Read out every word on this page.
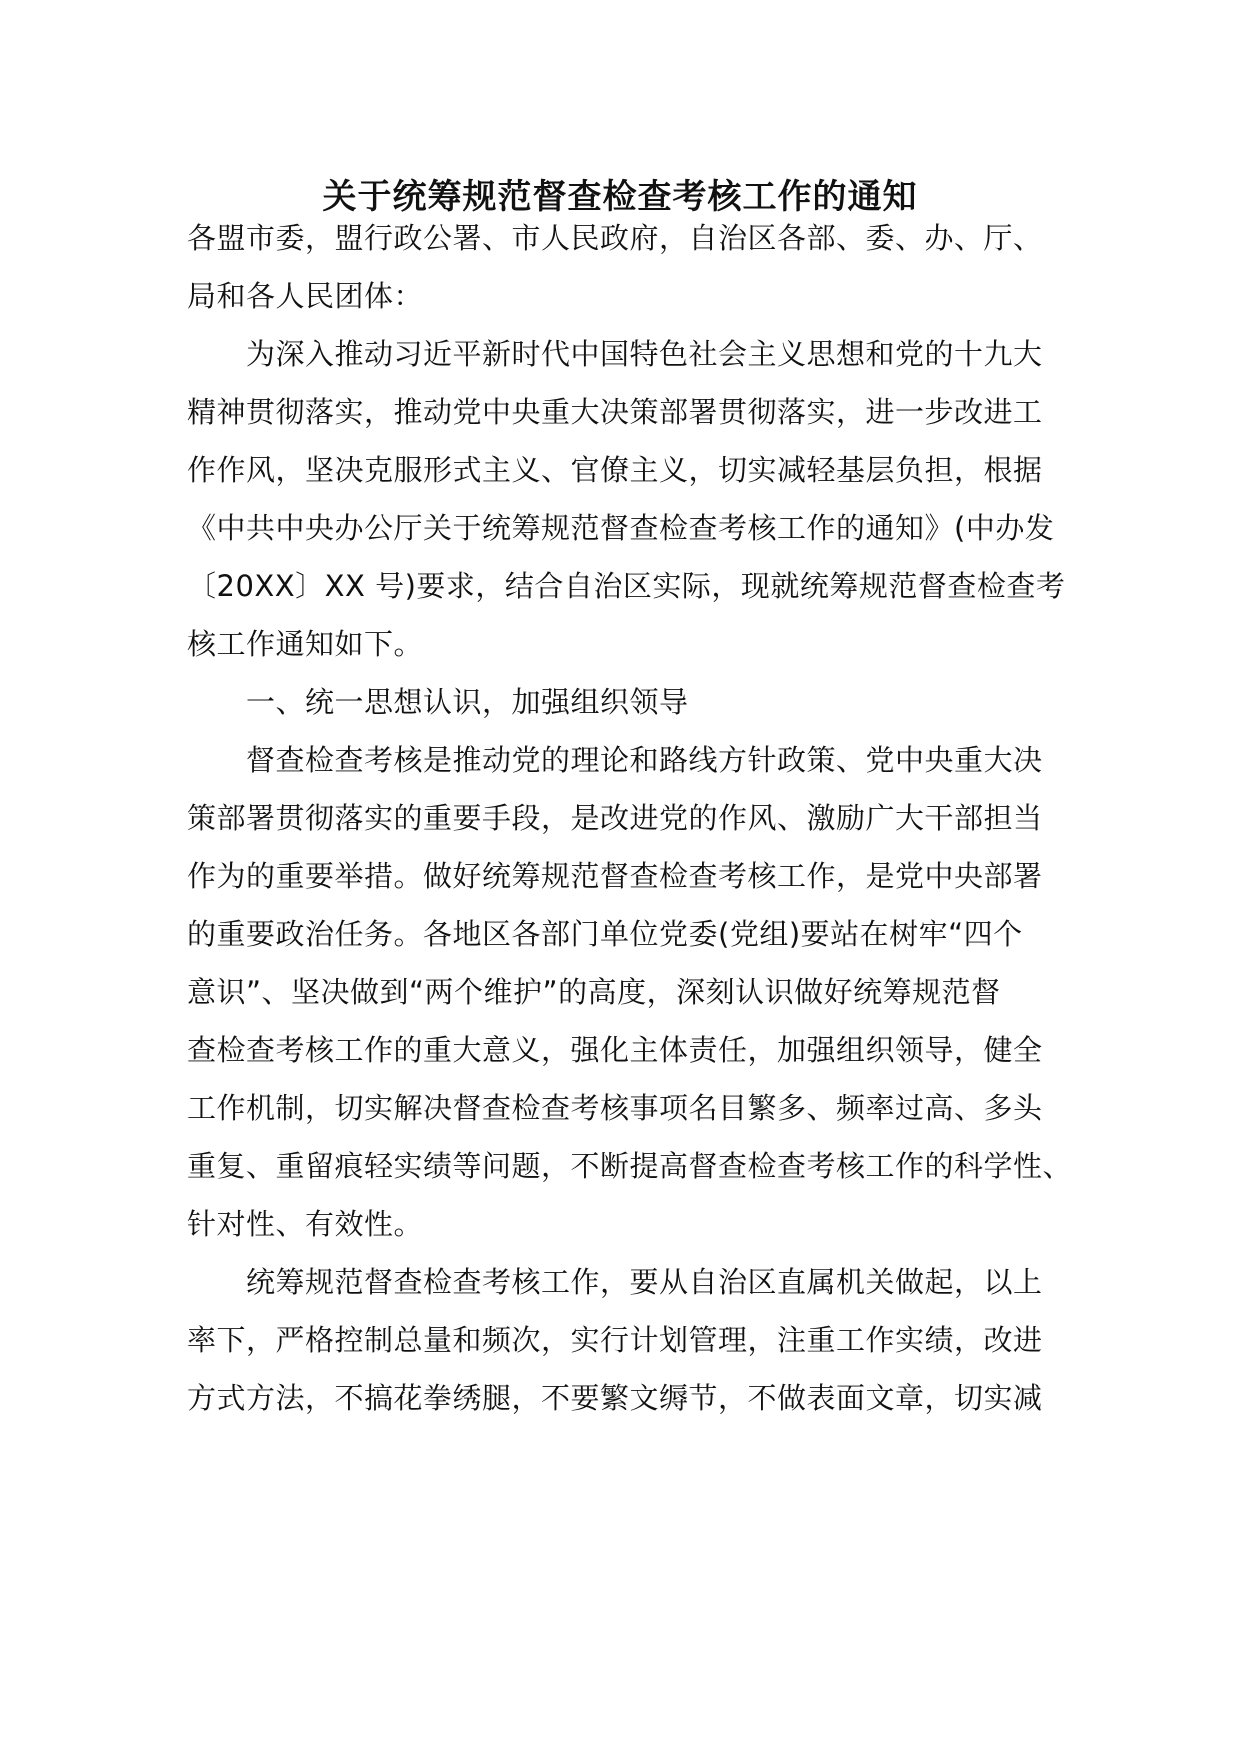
关于统筹规范督查检查考核工作的通知
各盟市委，盟行政公署、市人民政府，自治区各部、委、办、厅、
局和各人民团体：
为深入推动习近平新时代中国特色社会主义思想和党的十九大
精神贯彻落实，推动党中央重大决策部署贯彻落实，进一步改进工
作作风，坚决克服形式主义、官僚主义，切实减轻基层负担，根据
《中共中央办公厅关于统筹规范督查检查考核工作的通知》(中办发
〔20XX〕XX 号)要求，结合自治区实际，现就统筹规范督查检查考
核工作通知如下。
一、统一思想认识，加强组织领导
督查检查考核是推动党的理论和路线方针政策、党中央重大决
策部署贯彻落实的重要手段，是改进党的作风、激励广大干部担当
作为的重要举措。做好统筹规范督查检查考核工作，是党中央部署
的重要政治任务。各地区各部门单位党委(党组)要站在树牢“四个
意识”、坚决做到“两个维护”的高度，深刻认识做好统筹规范督
查检查考核工作的重大意义，强化主体责任，加强组织领导，健全
工作机制，切实解决督查检查考核事项名目繁多、频率过高、多头
重复、重留痕轻实绩等问题，不断提高督查检查考核工作的科学性、
针对性、有效性。
统筹规范督查检查考核工作，要从自治区直属机关做起，以上
率下，严格控制总量和频次，实行计划管理，注重工作实绩，改进
方式方法，不搞花拳绣腿，不要繁文缛节，不做表面文章，切实减
